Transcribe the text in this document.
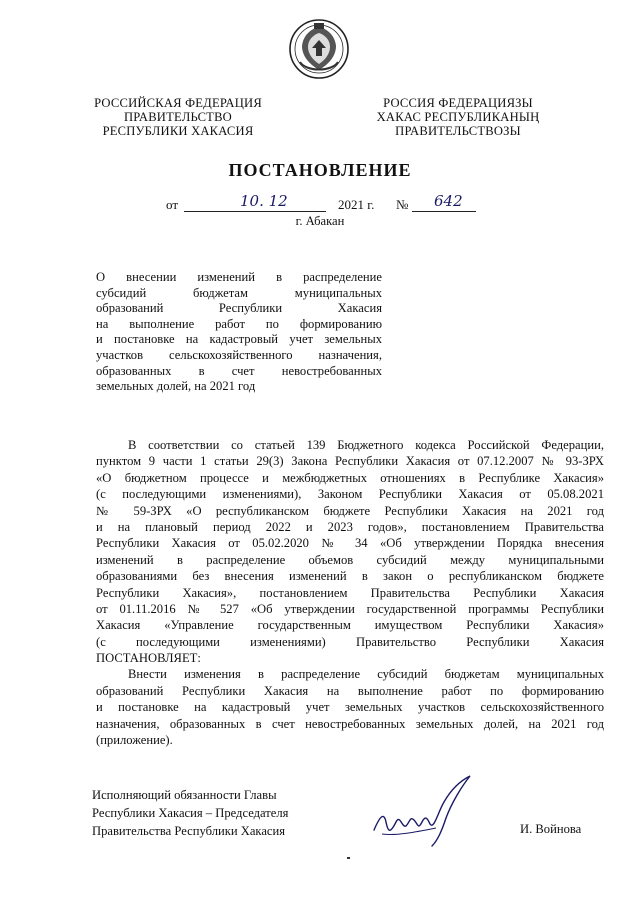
РОССИЙСКАЯ ФЕДЕРАЦИЯ
ПРАВИТЕЛЬСТВО
РЕСПУБЛИКИ ХАКАСИЯ
РОССИЯ ФЕДЕРАЦИЯЗЫ
ХАКАС РЕСПУБЛИКАНЫҢ
ПРАВИТЕЛЬСТВОЗЫ
ПОСТАНОВЛЕНИЕ
от	10. 12	2021 г. № 642
г. Абакан
О внесении изменений в распределение
субсидий бюджетам муниципальных
образований Республики Хакасия
на выполнение работ по формированию
и постановке на кадастровый учет земельных
участков сельскохозяйственного назначения,
образованных в счет невостребованных
земельных долей, на 2021 год
В соответствии со статьей 139 Бюджетного кодекса Российской Федерации,
пунктом 9 части 1 статьи 29(3) Закона Республики Хакасия от 07.12.2007 № 93-ЗРХ
«О бюджетном процессе и межбюджетных отношениях в Республике Хакасия»
(с последующими изменениями), Законом Республики Хакасия от 05.08.2021
№ 59-ЗРХ «О республиканском бюджете Республики Хакасия на 2021 год
и на плановый период 2022 и 2023 годов», постановлением Правительства
Республики Хакасия от 05.02.2020 № 34 «Об утверждении Порядка внесения
изменений в распределение объемов субсидий между муниципальными
образованиями без внесения изменений в закон о республиканском бюджете
Республики Хакасия», постановлением Правительства Республики Хакасия
от 01.11.2016 № 527 «Об утверждении государственной программы Республики
Хакасия «Управление государственным имуществом Республики Хакасия»
(с последующими изменениями) Правительство Республики Хакасия
ПОСТАНОВЛЯЕТ:
Внести изменения в распределение субсидий бюджетам муниципальных
образований Республики Хакасия на выполнение работ по формированию
и постановке на кадастровый учет земельных участков сельскохозяйственного
назначения, образованных в счет невостребованных земельных долей, на 2021 год
(приложение).
Исполняющий обязанности Главы
Республики Хакасия – Председателя
Правительства Республики Хакасия	И. Войнова
